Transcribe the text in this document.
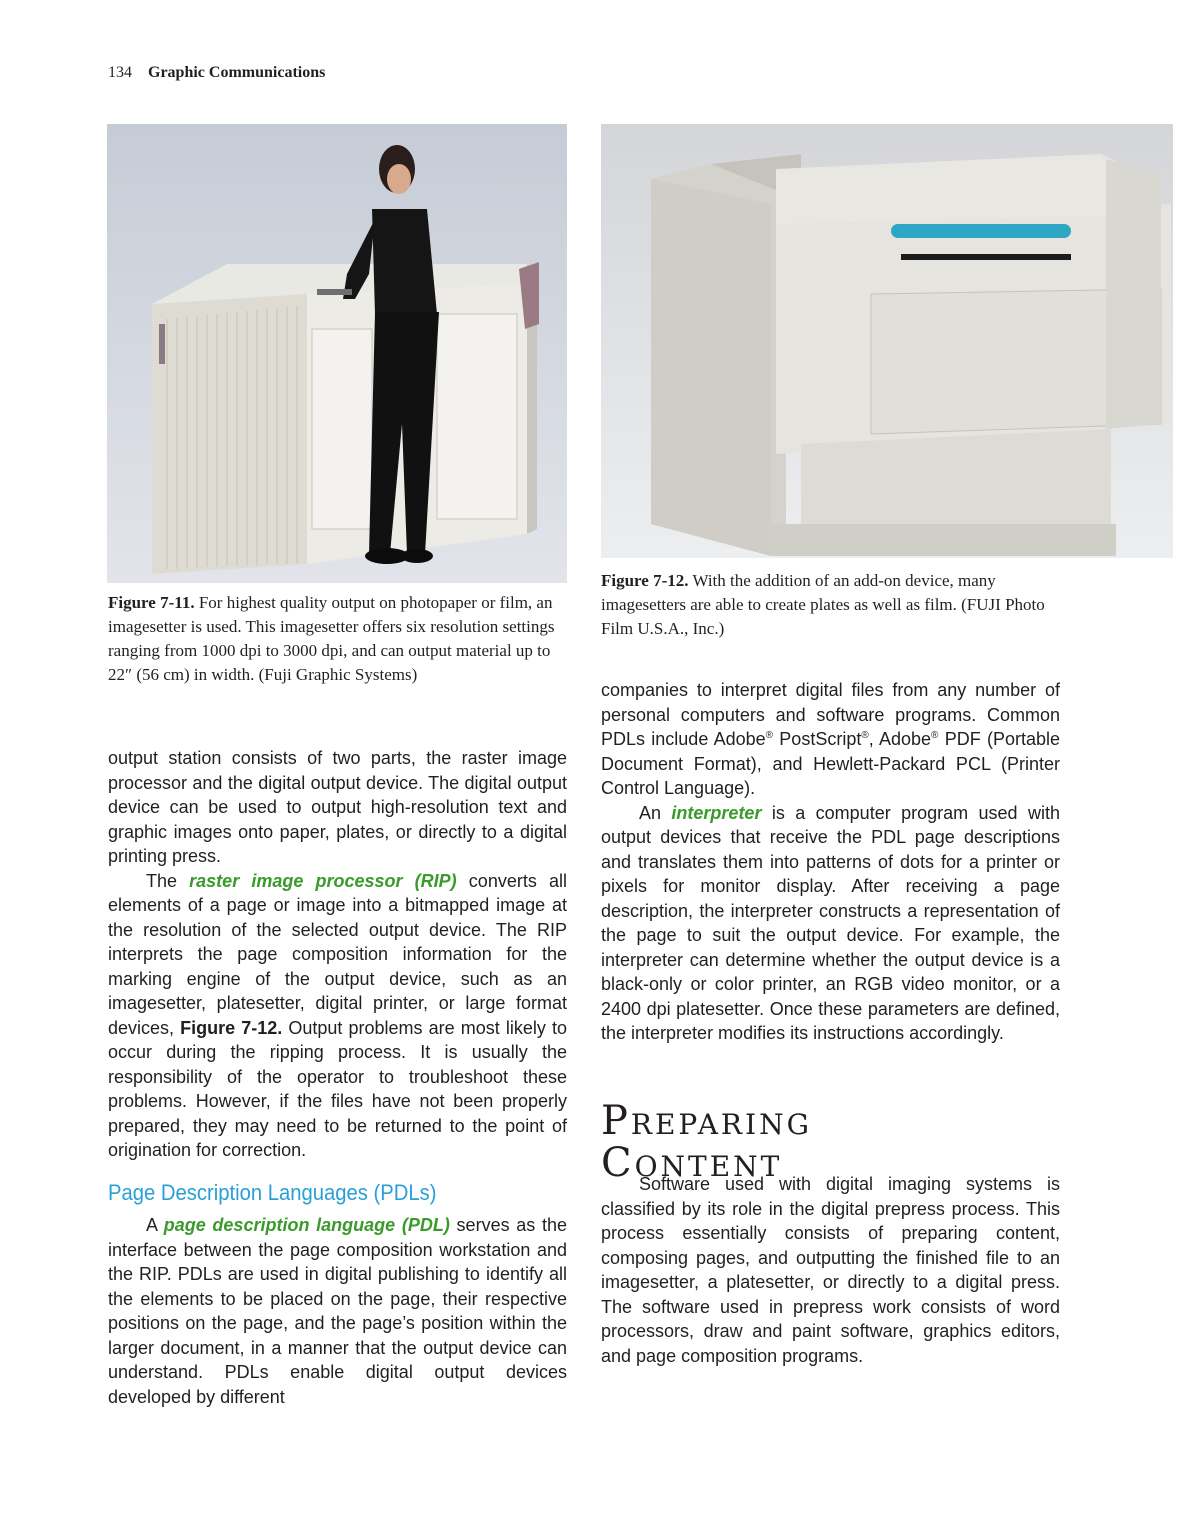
134 Graphic Communications
Figure 7-11. For highest quality output on photopaper or film, an imagesetter is used. This imagesetter offers six resolution settings ranging from 1000 dpi to 3000 dpi, and can output material up to 22″ (56 cm) in width. (Fuji Graphic Systems)
Figure 7-12. With the addition of an add-on device, many imagesetters are able to create plates as well as film. (FUJI Photo Film U.S.A., Inc.)

output station consists of two parts, the raster image processor and the digital output device. The digital output device can be used to output high-resolution text and graphic images onto paper, plates, or directly to a digital printing press.

The raster image processor (RIP) converts all elements of a page or image into a bitmapped image at the resolution of the selected output device. The RIP interprets the page composition information for the marking engine of the output device, such as an imagesetter, platesetter, digital printer, or large format devices, Figure 7-12. Output problems are most likely to occur during the ripping process. It is usually the responsibility of the operator to troubleshoot these problems. However, if the files have not been properly prepared, they may need to be returned to the point of origination for correction.

Page Description Languages (PDLs)

A page description language (PDL) serves as the interface between the page composition workstation and the RIP. PDLs are used in digital publishing to identify all the elements to be placed on the page, their respective positions on the page, and the page’s position within the larger document, in a manner that the output device can understand. PDLs enable digital output devices developed by different

companies to interpret digital files from any number of personal computers and software programs. Common PDLs include Adobe® PostScript®, Adobe® PDF (Portable Document Format), and Hewlett-Packard PCL (Printer Control Language).

An interpreter is a computer program used with output devices that receive the PDL page descriptions and translates them into patterns of dots for a printer or pixels for monitor display. After receiving a page description, the interpreter constructs a representation of the page to suit the output device. For example, the interpreter can determine whether the output device is a black-only or color printer, an RGB video monitor, or a 2400 dpi platesetter. Once these parameters are defined, the interpreter modifies its instructions accordingly.

Preparing
Content

Software used with digital imaging systems is classified by its role in the digital prepress process. This process essentially consists of preparing content, composing pages, and outputting the finished file to an imagesetter, a platesetter, or directly to a digital press. The software used in prepress work consists of word processors, draw and paint software, graphics editors, and page composition programs.
